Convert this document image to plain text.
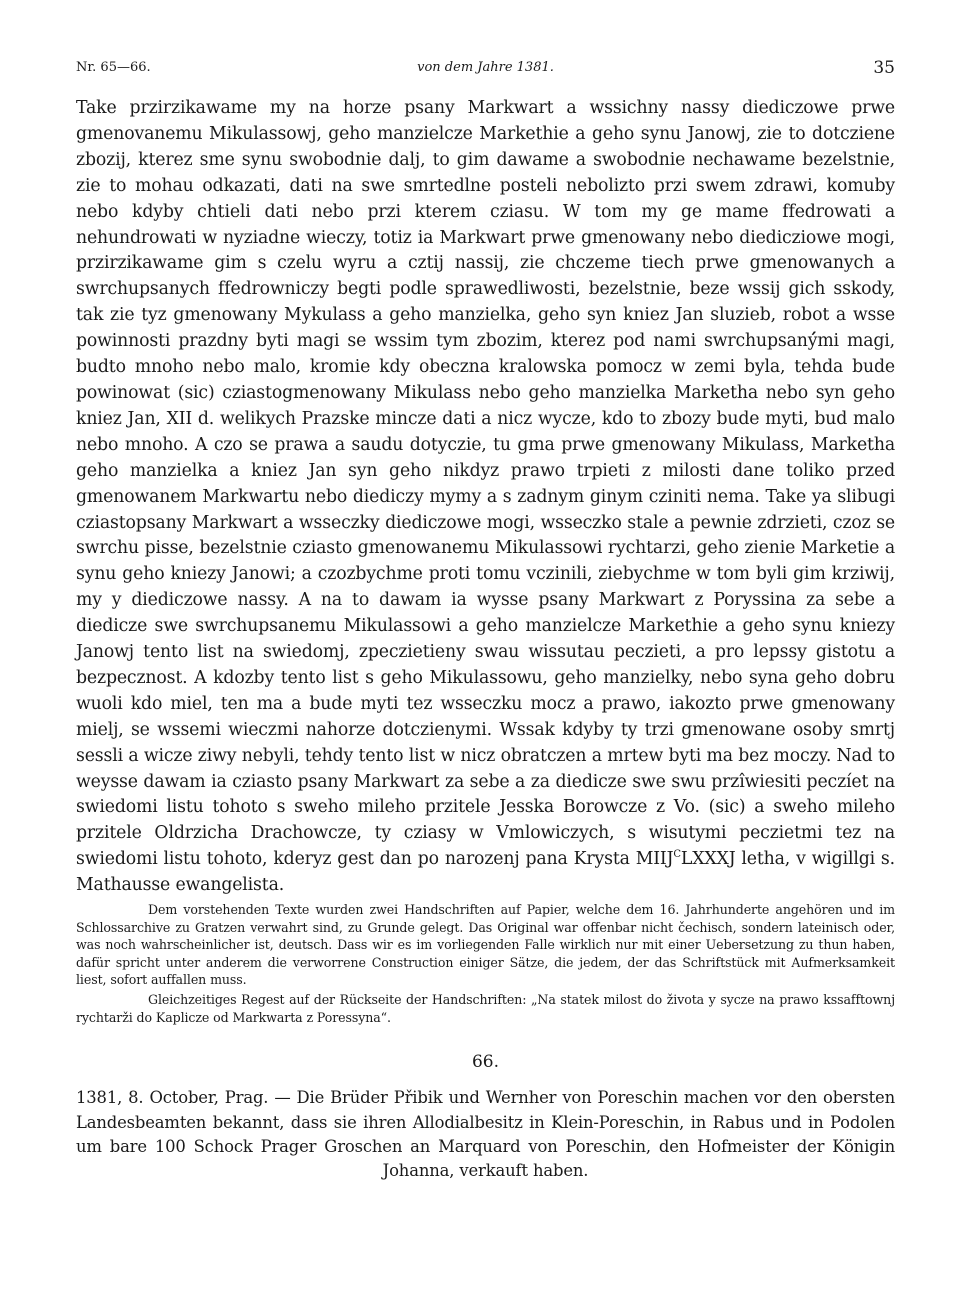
Nr. 65—66.	von dem Jahre 1381.	35

Take przirzikawame my na horze psany Markwart a wssichny nassy diediczowe prwe gmenovanemu Mikulassowj, geho manzielcze Markethie a geho synu Janowj, zie to dotcziene zbozij, kterez sme synu swobodnie dalj, to gim dawame a swobodnie nechawame bezelstnie, zie to mohau odkazati, dati na swe smrtedlne posteli nebolizto przi swem zdrawi, komuby nebo kdyby chtieli dati nebo przi kterem cziasu. W tom my ge mame ffedrowati a nehundrowati w nyziadne wieczy, totiz ia Markwart prwe gmenowany nebo diedicziowe mogi, przirzikawame gim s czelu wyru a cztij nassij, zie chczeme tiech prwe gmenowanych a swrchupsanych ffedrowniczy begti podle sprawedliwosti, bezelstnie, beze wssij gich sskody, tak zie tyz gmenowany Mykulass a geho manzielka, geho syn kniez Jan sluzieb, robot a wsse powinnosti prazdny byti magi se wssim tym zbozim, kterez pod nami swrchupsaný́mi magi, budto mnoho nebo malo, kromie kdy obeczna kralowska pomocz w zemi byla, tehda bude powinowat (sic) cziastogmenowany Mikulass nebo geho manzielka Marketha nebo syn geho kniez Jan, XII d. welikych Prazske mincze dati a nicz wycze, kdo to zbozy bude myti, bud malo nebo mnoho. A czo se prawa a saudu dotyczie, tu gma prwe gmenowany Mikulass, Marketha geho manzielka a kniez Jan syn geho nikdyz prawo trpieti z milosti dane toliko przed gmenowanem Markwartu nebo diediczy mymy a s zadnym ginym cziniti nema. Take ya slibugi cziastopsany Markwart a wsseczky diediczowe mogi, wsseczko stale a pewnie zdrzieti, czoz se swrchu pisse, bezelstnie cziasto gmenowanemu Mikulassowi rychtarzi, geho zienie Marketie a synu geho kniezy Janowi; a czozbychme proti tomu vczinili, ziebychme w tom byli gim krziwij, my y diediczowe nassy. A na to dawam ia wysse psany Markwart z Poryssina za sebe a diedicze swe swrchupsanemu Mikulassowi a geho manzielcze Markethie a geho synu kniezy Janowj tento list na swiedomj, zpeczietieny swau wissutau peczieti, a pro lepssy gistotu a bezpecznost. A kdozby tento list s geho Mikulassowu, geho manzielky, nebo syna geho dobru wuoli kdo miel, ten ma a bude myti tez wsseczku mocz a prawo, iakozto prwe gmenowany mielj, se wssemi wieczmi nahorze dotczienymi. Wssak kdyby ty trzi gmenowane osoby smrtj sessli a wicze ziwy nebyli, tehdy tento list w nicz obratczen a mrtew byti ma bez moczy. Nad to weysse dawam ia cziasto psany Markwart za sebe a za diedicze swe swu przîwiesiti peczíet na swiedomi listu tohoto s sweho mileho przitele Jesska Borowcze z Vo. (sic) a sweho mileho przitele Oldrzicha Drachowcze, ty cziasy w Vmlowiczych, s wisutymi peczietmi tez na swiedomi listu tohoto, kderyz gest dan po narozenj pana Krysta $MIIJ^CLXXXJ$ letha, v wigillgi s. Mathausse ewangelista.

Dem vorstehenden Texte wurden zwei Handschriften auf Papier, welche dem 16. Jahrhunderte angehören und im Schlossarchive zu Gratzen verwahrt sind, zu Grunde gelegt. Das Original war offenbar nicht čechisch, sondern lateinisch oder, was noch wahrscheinlicher ist, deutsch. Dass wir es im vorliegenden Falle wirklich nur mit einer Uebersetzung zu thun haben, dafür spricht unter anderem die verworrene Construction einiger Sätze, die jedem, der das Schriftstück mit Aufmerksamkeit liest, sofort auffallen muss.

Gleichzeitiges Regest auf der Rückseite der Handschriften: „Na statek milost do života y sycze na prawo kssafftownj rychtarži do Kaplicze od Markwarta z Poressyna“.

66.

1381, 8. October, Prag. — Die Brüder Přibik und Wernher von Poreschin machen vor den obersten Landesbeamten bekannt, dass sie ihren Allodialbesitz in Klein-Poreschin, in Rabus und in Podolen um bare 100 Schock Prager Groschen an Marquard von Poreschin, den Hofmeister der Königin Johanna, verkauft haben.
